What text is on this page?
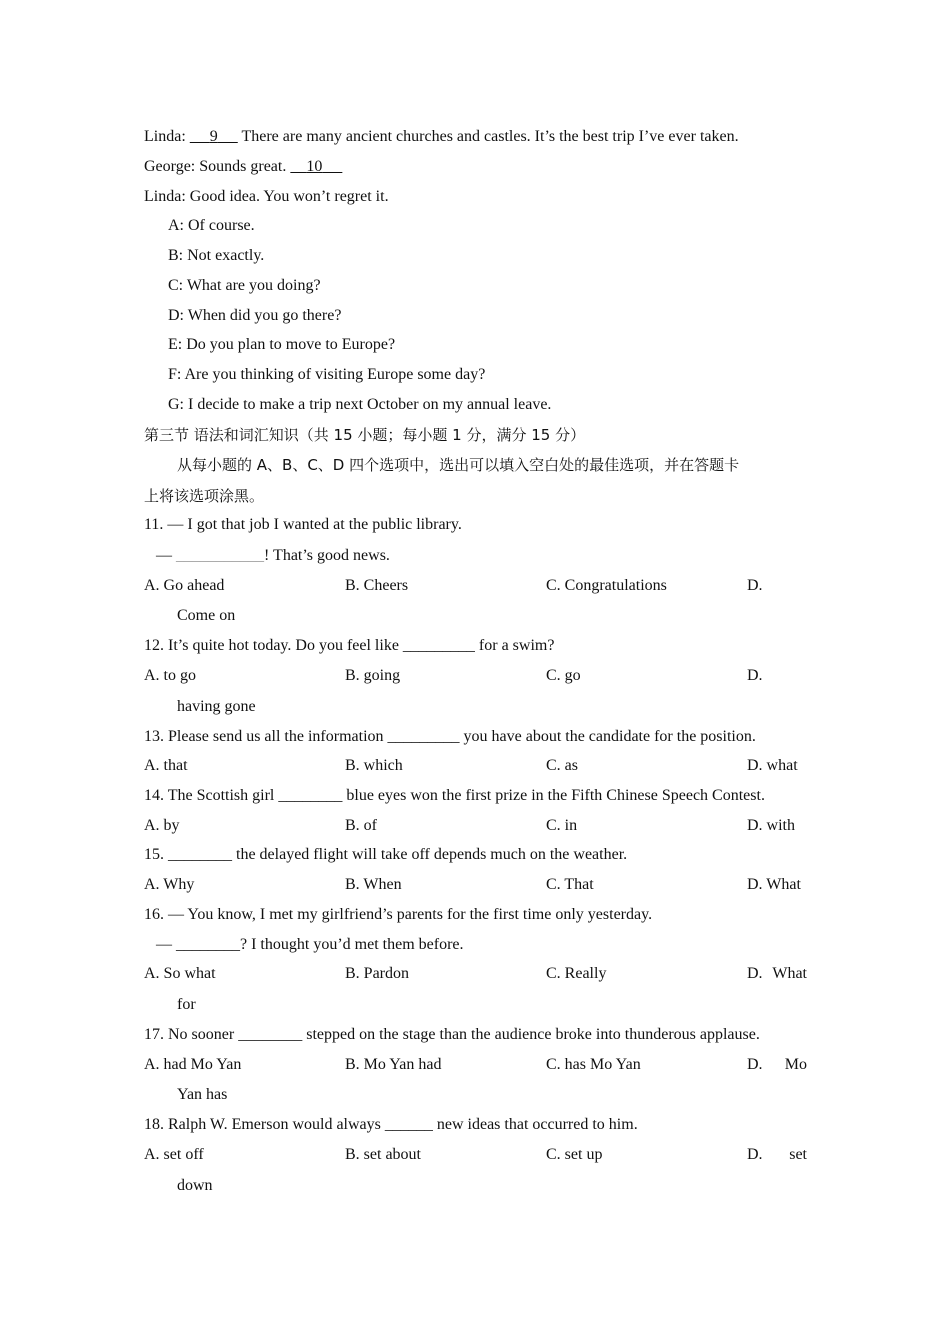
Linda:      9      There are many ancient churches and castles. It’s the best trip I’ve ever taken.
George: Sounds great.     10
Linda: Good idea. You won’t regret it.
A: Of course.
B: Not exactly.
C: What are you doing?
D: When did you go there?
E: Do you plan to move to Europe?
F: Are you thinking of visiting Europe some day?
G: I decide to make a trip next October on my annual leave.
第三节 语法和词汇知识（共 15 小题；每小题 1 分，满分 15 分）
从每小题的 A、B、C、D 四个选项中，选出可以填入空白处的最佳选项，并在答题卡
上将该选项涂黑。
11. — I got that job I wanted at the public library.
— ___________! That’s good news.
A. Go ahead	B. Cheers	C. Congratulations	D.
Come on
12. It’s quite hot today. Do you feel like _________ for a swim?
A. to go	B. going	C. go	D.
having gone
13. Please send us all the information _________ you have about the candidate for the position.
A. that	B. which	C. as	D. what
14. The Scottish girl ________ blue eyes won the first prize in the Fifth Chinese Speech Contest.
A. by	B. of	C. in	D. with
15. ________ the delayed flight will take off depends much on the weather.
A. Why	B. When	C. That	D. What
16. — You know, I met my girlfriend’s parents for the first time only yesterday.
— ________? I thought you’d met them before.
A. So what	B. Pardon	C. Really	D. What
for
17. No sooner ________ stepped on the stage than the audience broke into thunderous applause.
A. had Mo Yan	B. Mo Yan had	C. has Mo Yan	D. Mo
Yan has
18. Ralph W. Emerson would always ______ new ideas that occurred to him.
A. set off	B. set about	C. set up	D. set
down
